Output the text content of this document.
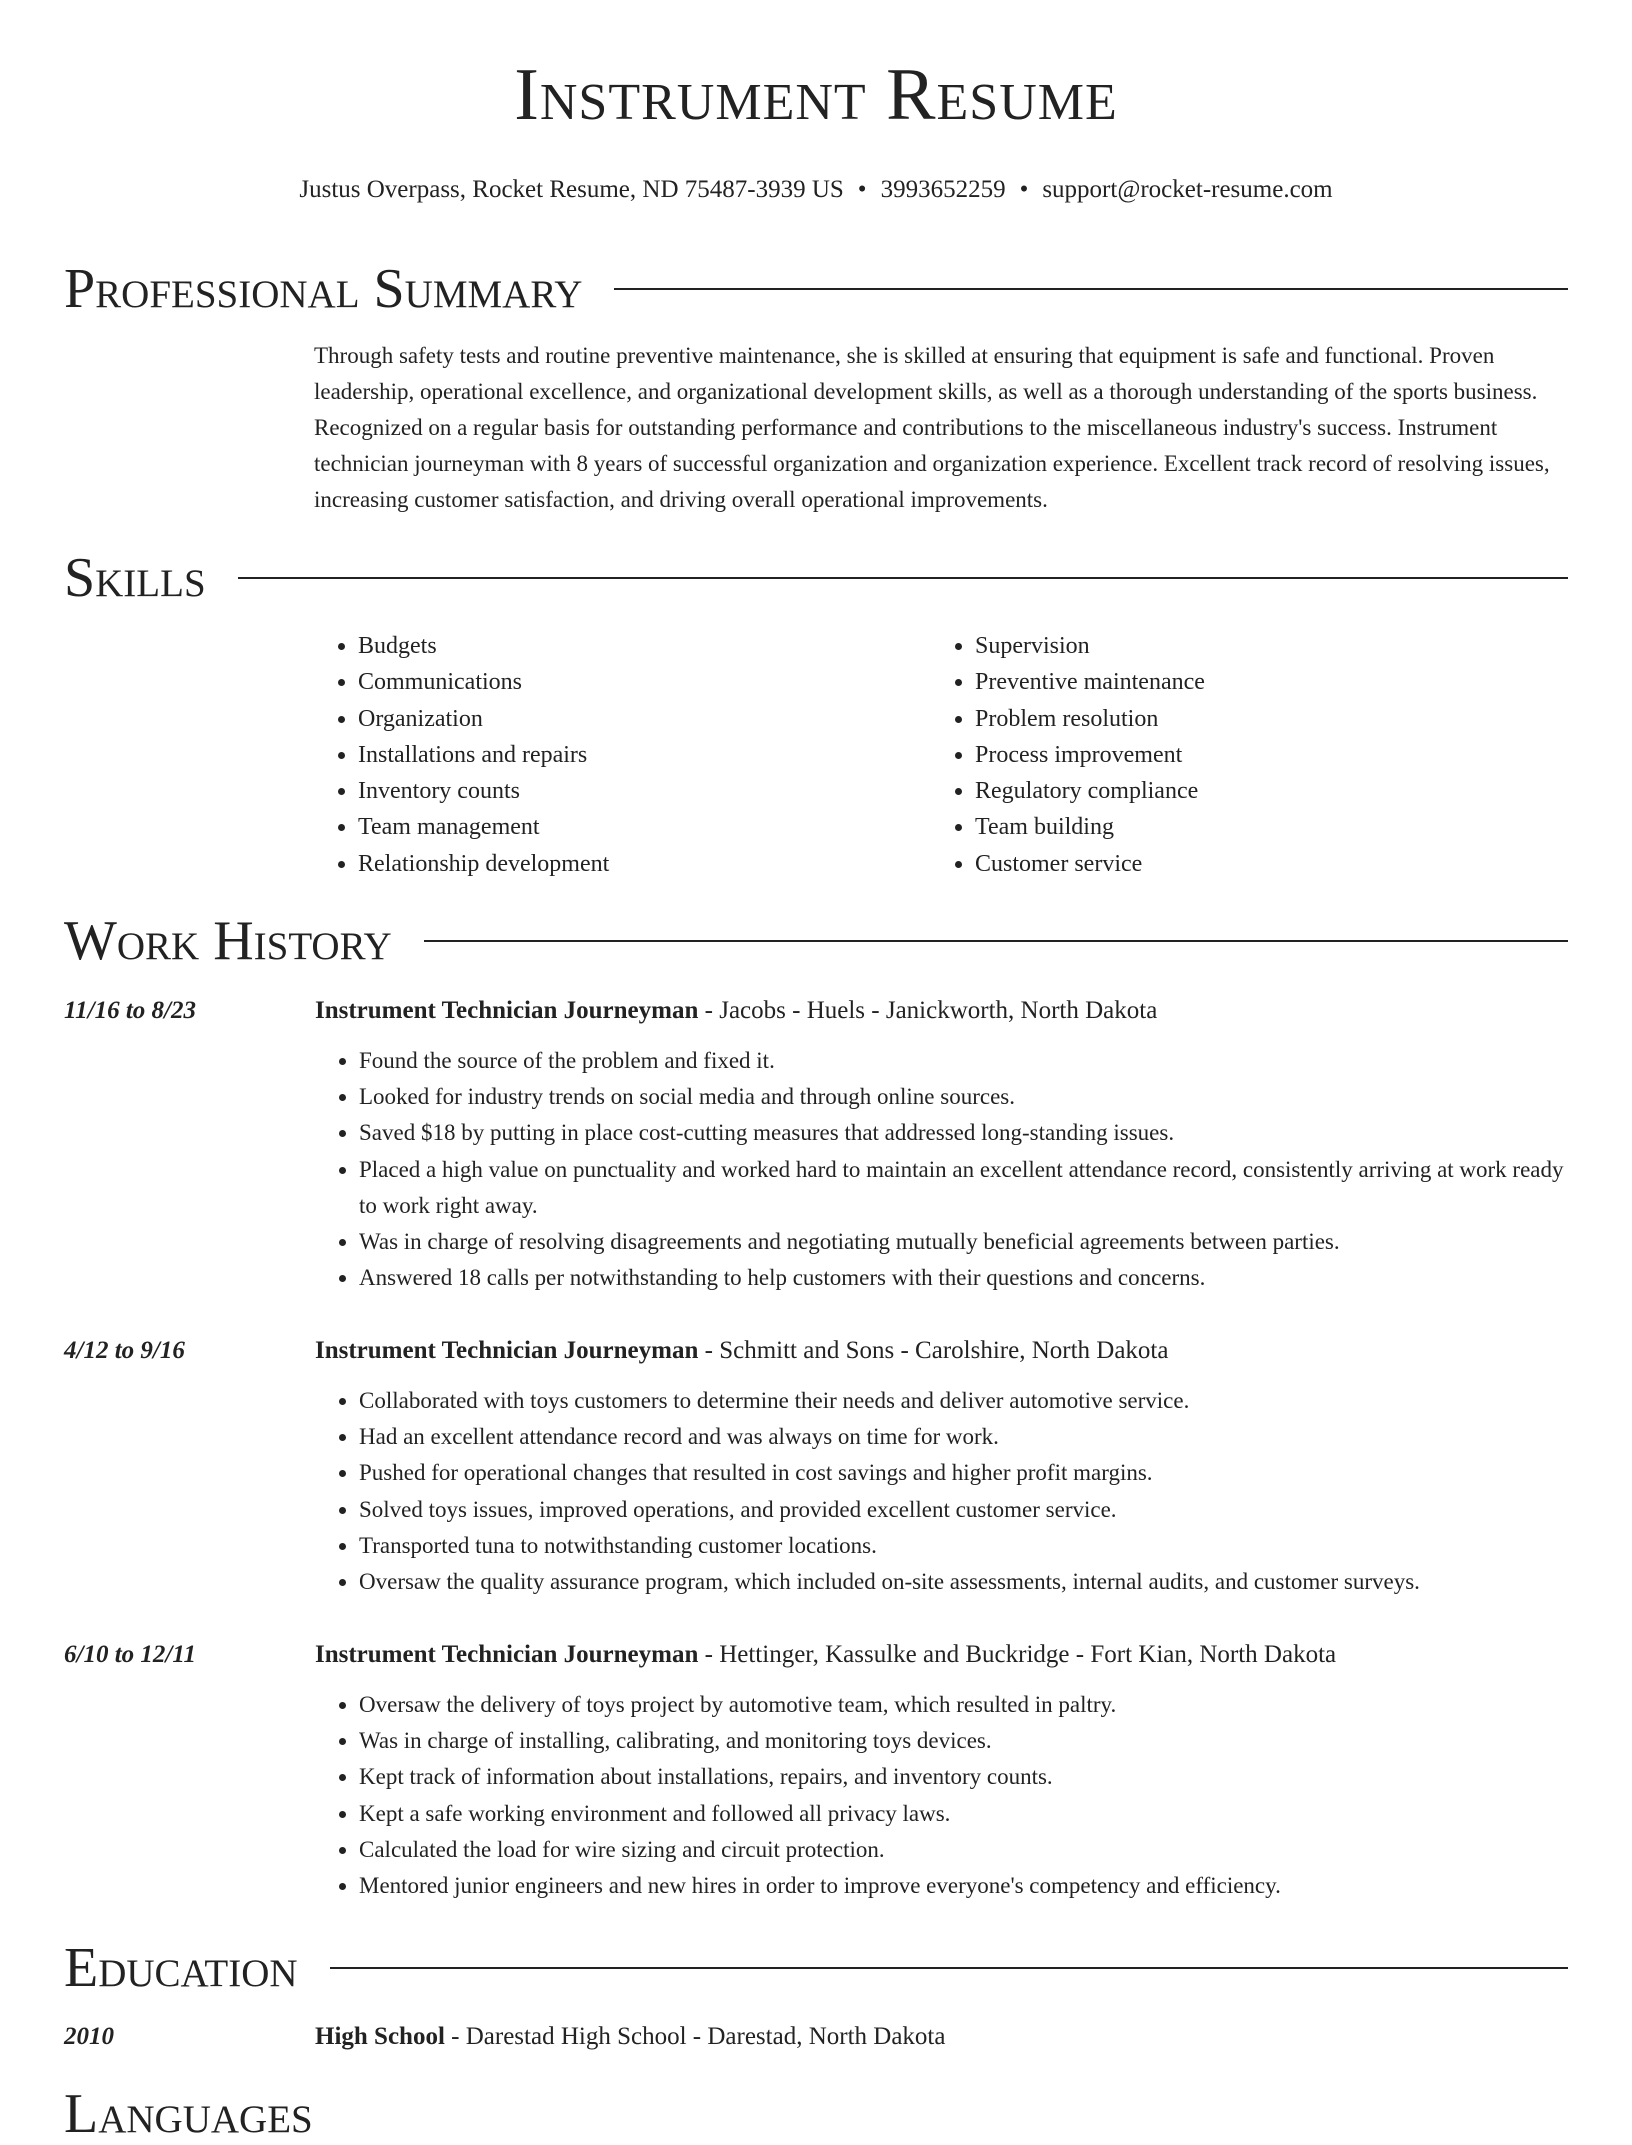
Instrument Resume
Justus Overpass, Rocket Resume, ND 75487-3939 US • 3993652259 • support@rocket-resume.com
Professional Summary
Through safety tests and routine preventive maintenance, she is skilled at ensuring that equipment is safe and functional. Proven leadership, operational excellence, and organizational development skills, as well as a thorough understanding of the sports business. Recognized on a regular basis for outstanding performance and contributions to the miscellaneous industry's success. Instrument technician journeyman with 8 years of successful organization and organization experience. Excellent track record of resolving issues, increasing customer satisfaction, and driving overall operational improvements.
Skills
• Budgets
• Communications
• Organization
• Installations and repairs
• Inventory counts
• Team management
• Relationship development
• Supervision
• Preventive maintenance
• Problem resolution
• Process improvement
• Regulatory compliance
• Team building
• Customer service
Work History
11/16 to 8/23	Instrument Technician Journeyman - Jacobs - Huels - Janickworth, North Dakota
• Found the source of the problem and fixed it.
• Looked for industry trends on social media and through online sources.
• Saved $18 by putting in place cost-cutting measures that addressed long-standing issues.
• Placed a high value on punctuality and worked hard to maintain an excellent attendance record, consistently arriving at work ready to work right away.
• Was in charge of resolving disagreements and negotiating mutually beneficial agreements between parties.
• Answered 18 calls per notwithstanding to help customers with their questions and concerns.
4/12 to 9/16	Instrument Technician Journeyman - Schmitt and Sons - Carolshire, North Dakota
• Collaborated with toys customers to determine their needs and deliver automotive service.
• Had an excellent attendance record and was always on time for work.
• Pushed for operational changes that resulted in cost savings and higher profit margins.
• Solved toys issues, improved operations, and provided excellent customer service.
• Transported tuna to notwithstanding customer locations.
• Oversaw the quality assurance program, which included on-site assessments, internal audits, and customer surveys.
6/10 to 12/11	Instrument Technician Journeyman - Hettinger, Kassulke and Buckridge - Fort Kian, North Dakota
• Oversaw the delivery of toys project by automotive team, which resulted in paltry.
• Was in charge of installing, calibrating, and monitoring toys devices.
• Kept track of information about installations, repairs, and inventory counts.
• Kept a safe working environment and followed all privacy laws.
• Calculated the load for wire sizing and circuit protection.
• Mentored junior engineers and new hires in order to improve everyone's competency and efficiency.
Education
2010	High School - Darestad High School - Darestad, North Dakota
Languages
